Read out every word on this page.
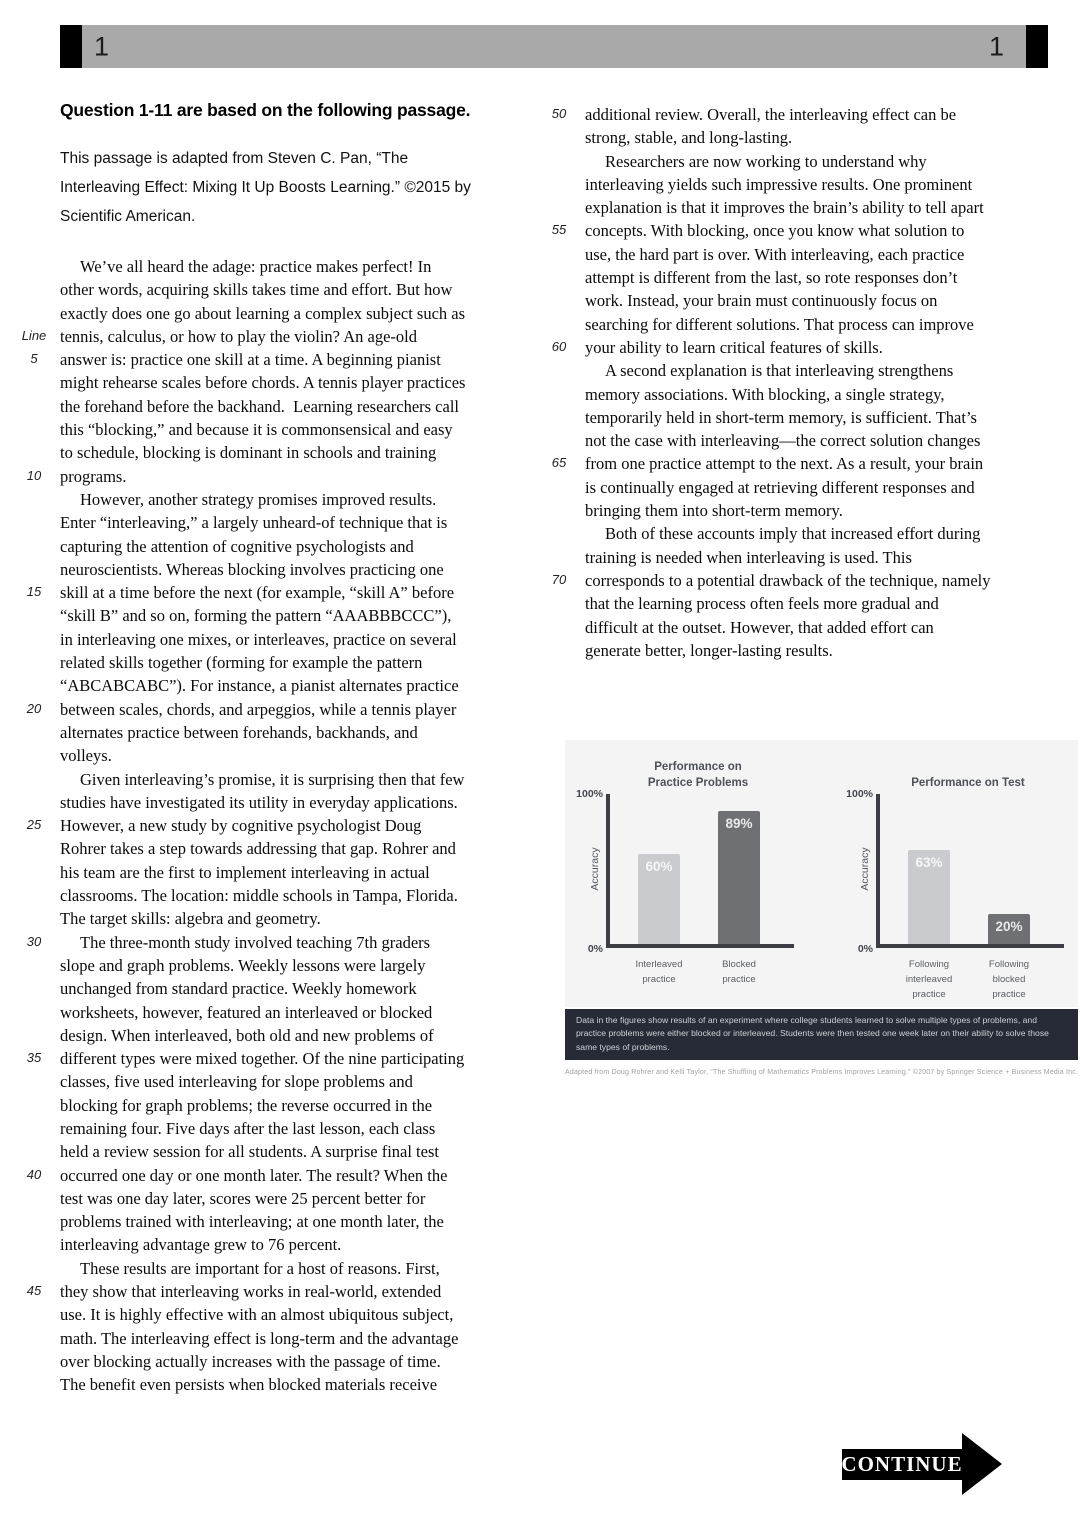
1	1
Question 1-11 are based on the following passage.
This passage is adapted from Steven C. Pan, “The
Interleaving Effect: Mixing It Up Boosts Learning.” ©2015 by
Scientific American.
We’ve all heard the adage: practice makes perfect! In
other words, acquiring skills takes time and effort. But how
exactly does one go about learning a complex subject such as
Line tennis, calculus, or how to play the violin? An age-old
5	answer is: practice one skill at a time. A beginning pianist
might rehearse scales before chords. A tennis player practices
the forehand before the backhand.  Learning researchers call
this “blocking,” and because it is commonsensical and easy
to schedule, blocking is dominant in schools and training
10	programs.
However, another strategy promises improved results.
Enter “interleaving,” a largely unheard-of technique that is
capturing the attention of cognitive psychologists and
neuroscientists. Whereas blocking involves practicing one
15	skill at a time before the next (for example, “skill A” before
“skill B” and so on, forming the pattern “AAABBBCCC”),
in interleaving one mixes, or interleaves, practice on several
related skills together (forming for example the pattern
“ABCABCABC”). For instance, a pianist alternates practice
20	between scales, chords, and arpeggios, while a tennis player
alternates practice between forehands, backhands, and
volleys.
Given interleaving’s promise, it is surprising then that few
studies have investigated its utility in everyday applications.
25	However, a new study by cognitive psychologist Doug
Rohrer takes a step towards addressing that gap. Rohrer and
his team are the first to implement interleaving in actual
classrooms. The location: middle schools in Tampa, Florida.
The target skills: algebra and geometry.
30	The three-month study involved teaching 7th graders
slope and graph problems. Weekly lessons were largely
unchanged from standard practice. Weekly homework
worksheets, however, featured an interleaved or blocked
design. When interleaved, both old and new problems of
35	different types were mixed together. Of the nine participating
classes, five used interleaving for slope problems and
blocking for graph problems; the reverse occurred in the
remaining four. Five days after the last lesson, each class
held a review session for all students. A surprise final test
40	occurred one day or one month later. The result? When the
test was one day later, scores were 25 percent better for
problems trained with interleaving; at one month later, the
interleaving advantage grew to 76 percent.
These results are important for a host of reasons. First,
45	they show that interleaving works in real-world, extended
use. It is highly effective with an almost ubiquitous subject,
math. The interleaving effect is long-term and the advantage
over blocking actually increases with the passage of time.
The benefit even persists when blocked materials receive
50	additional review. Overall, the interleaving effect can be
strong, stable, and long-lasting.
Researchers are now working to understand why
interleaving yields such impressive results. One prominent
explanation is that it improves the brain’s ability to tell apart
55	concepts. With blocking, once you know what solution to
use, the hard part is over. With interleaving, each practice
attempt is different from the last, so rote responses don’t
work. Instead, your brain must continuously focus on
searching for different solutions. That process can improve
60	your ability to learn critical features of skills.
A second explanation is that interleaving strengthens
memory associations. With blocking, a single strategy,
temporarily held in short-term memory, is sufficient. That’s
not the case with interleaving—the correct solution changes
65	from one practice attempt to the next. As a result, your brain
is continually engaged at retrieving different responses and
bringing them into short-term memory.
Both of these accounts imply that increased effort during
training is needed when interleaving is used. This
70	corresponds to a potential drawback of the technique, namely
that the learning process often feels more gradual and
difficult at the outset. However, that added effort can
generate better, longer-lasting results.
Performance on
Practice Problems
Accuracy
100%
0%
60%
89%
Interleaved
practice
Blocked
practice
Performance on Test
Accuracy
100%
0%
63%
20%
Following
interleaved
practice
Following
blocked
practice
Data in the figures show results of an experiment where college students learned to solve multiple types of problems, and practice problems were either blocked or interleaved. Students were then tested one week later on their ability to solve those same types of problems.
Adapted from Doug Rohrer and Kelli Taylor, “The Shuffling of Mathematics Problems Improves Learning.” ©2007 by Springer Science + Business Media Inc.
CONTINUE
